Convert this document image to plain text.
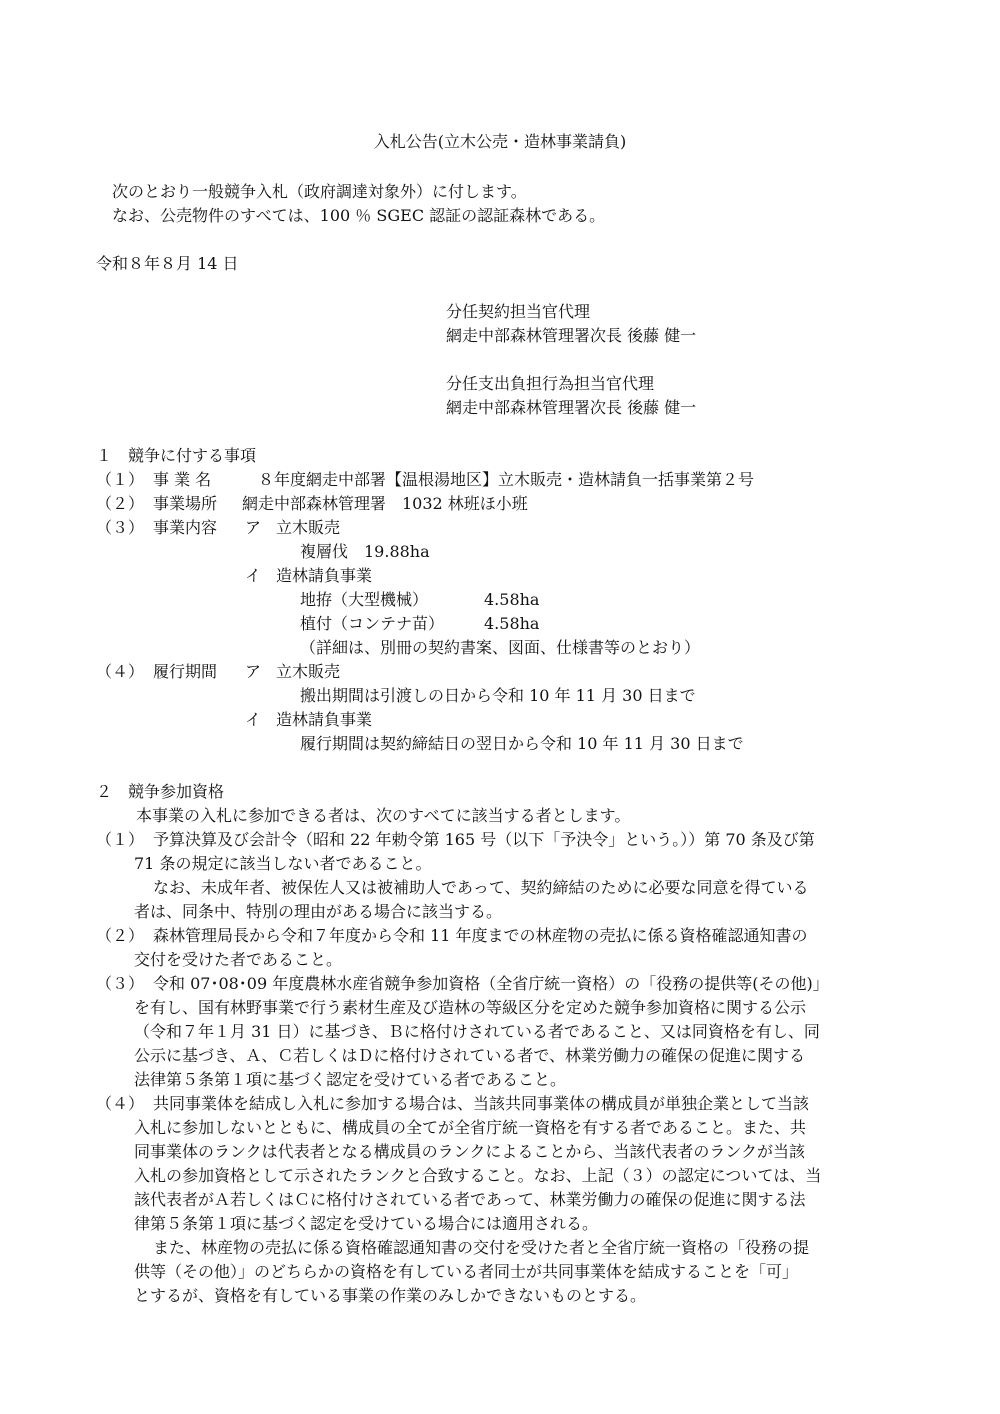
入札公告(立木公売・造林事業請負)
次のとおり一般競争入札（政府調達対象外）に付します。
なお、公売物件のすべては、100 ％ SGEC 認証の認証森林である。
令和８年８月 14 日
分任契約担当官代理
網走中部森林管理署次長 後藤 健一
分任支出負担行為担当官代理
網走中部森林管理署次長 後藤 健一
１　競争に付する事項
（１） 事 業 名	８年度網走中部署【温根湯地区】立木販売・造林請負一括事業第２号
（２） 事業場所 網走中部森林管理署　1032 林班ほ小班
（３） 事業内容 ア 立木販売
複層伐　19.88ha
イ 造林請負事業
地拵（大型機械）	4.58ha
植付（コンテナ苗） 4.58ha
（詳細は、別冊の契約書案、図面、仕様書等のとおり）
（４） 履行期間 ア 立木販売
搬出期間は引渡しの日から令和 10 年 11 月 30 日まで
イ 造林請負事業
履行期間は契約締結日の翌日から令和 10 年 11 月 30 日まで
２　競争参加資格
本事業の入札に参加できる者は、次のすべてに該当する者とします。
（１） 予算決算及び会計令（昭和 22 年勅令第 165 号（以下「予決令」という。））第 70 条及び第
71 条の規定に該当しない者であること。
なお、未成年者、被保佐人又は被補助人であって、契約締結のために必要な同意を得ている
者は、同条中、特別の理由がある場合に該当する。
（２） 森林管理局長から令和７年度から令和 11 年度までの林産物の売払に係る資格確認通知書の
交付を受けた者であること。
（３） 令和 07･08･09 年度農林水産省競争参加資格（全省庁統一資格）の「役務の提供等(その他)」
を有し、国有林野事業で行う素材生産及び造林の等級区分を定めた競争参加資格に関する公示
（令和７年１月 31 日）に基づき、Ｂに格付けされている者であること、又は同資格を有し、同
公示に基づき、Ａ、Ｃ若しくはＤに格付けされている者で、林業労働力の確保の促進に関する
法律第５条第１項に基づく認定を受けている者であること。
（４） 共同事業体を結成し入札に参加する場合は、当該共同事業体の構成員が単独企業として当該
入札に参加しないとともに、構成員の全てが全省庁統一資格を有する者であること。また、共
同事業体のランクは代表者となる構成員のランクによることから、当該代表者のランクが当該
入札の参加資格として示されたランクと合致すること。なお、上記（３）の認定については、当
該代表者がＡ若しくはＣに格付けされている者であって、林業労働力の確保の促進に関する法
律第５条第１項に基づく認定を受けている場合には適用される。
また、林産物の売払に係る資格確認通知書の交付を受けた者と全省庁統一資格の「役務の提
供等（その他）」のどちらかの資格を有している者同士が共同事業体を結成することを「可」
とするが、資格を有している事業の作業のみしかできないものとする。
